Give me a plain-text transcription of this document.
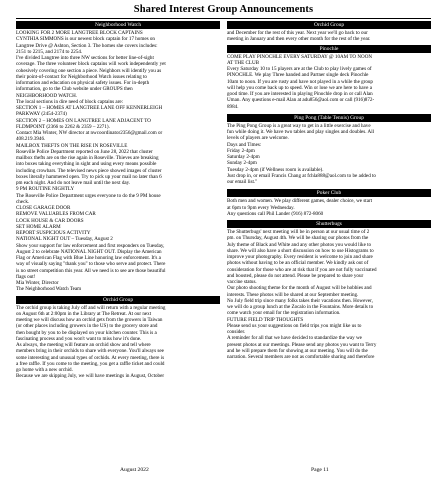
Shared Interest Group Announcements
Neighborhood Watch
LOOKING FOR 2 MORE LANGTREE BLOCK CAPTAINS
CYNTHIA SIMMONS is our newest block captain for 17 homes on
Langtree Drive @ Ashton, Section 3. The homes she covers includes:
2151 to 2215, and 2174 to 2254.
I've divided Langtree into three NW sections for better line-of-sight
coverage. The three volunteer block captains will work independently yet
cohesively covering one section a piece. Neighbors will identify you as
their point-of-contact for Neighborhood Watch issues relating to
information and education on physical safety issues. For in-depth
information, go to the Club website under GROUPS then
NEIGHBORHOOD WATCH.
The local sections in dire need of block captains are:
SECTION 1 – HOMES AT LANGTREE LANE OFF KENNERLEIGH
PARKWAY (2454-2374)
SECTION 2 – HOMES ON LANGTREE LANE ADJACENT TO
FLDMPOINT (2366 to 2262 & 2359 – 2271).
Contact Mia Winter, NW director at nwcoordinator2356@gmail.com or
408.219.3946.
MAILBOX THEFTS ON THE RISE IN ROSEVILLE
Roseville Police Department reported on June 28, 2022 that cluster
mailbox thefts are on the rise again in Roseville. Thieves are breaking
into boxes taking everything in sight and using every means possible
including crowbars. The televised news piece showed images of cluster
boxes literally hammered open. Try to pick up your mail no later than 6
pm each night. And do not leave mail until the next day.
9 PM ROUTINE NIGHTLY
The Roseville Police Department urges everyone to do the 9 PM house
check.
CLOSE GARAGE DOOR
REMOVE VALUABLES FROM CAR
LOCK HOUSE & CAR DOORS
SET HOME ALARM
REPORT SUSPICIOUS ACTIVITY
NATIONAL NIGHT OUT – Tuesday, August 2
Show your support for law enforcement and first responders on Tuesday,
August 2 to celebrate NATIONAL NIGHT OUT. Display the American
Flag or American Flag with Blue Line honoring law enforcement. It's a
way of visually saying "thank you" to those who serve and protect. There
is no street competition this year. All we need is to see are those beautiful
flags out!
Mia Winter, Director
The Neighborhood Watch Team
Orchid Group
The orchid group is taking July off and will return with a regular meeting
on August 6th at 2:00pm in the Library at The Retreat. At our next
meeting we will discuss how an orchid gets from the growers in Taiwan
(or other places including growers in the US) to the grocery store and
then bought by you to be displayed on your kitchen counter. This is a
fascinating process and you won't want to miss how it's done.
As always, the meeting will feature an orchid show and tell where
members bring in their orchids to share with everyone. You'll always see
some interesting and unusual types of orchids. At every meeting, there is
a free raffle. If you come to the meeting, you get a raffle ticket and could
go home with a new orchid.
Because we are skipping July, we will have meetings in August, October
Orchid Group
and December for the rest of this year. Next year we'll go back to our
meeting in January and then every other month for the rest of the year.
Pinochle
COME PLAY PINOCHLE EVERY SATURDAY @ 10AM TO NOON
AT THE CLUB
Every Saturday 10 to 15 players are at the Club to play lively games of
PINOCHLE. We play Three handed and Partner single deck Pinochle
10am to noon. If you are rusty and have not played in a while the group
will help you come back up to speed. Win or lose we are here to have a
good time. If you are interested in playing Pinochle drop in or call Alan
Uman. Any questions e-mail Alan at adu856@aol.com or call (916)872-
8984.
Ping Pong (Table Tennis) Group
The Ping Pong Group is a great way to get in a little exercise and have
fun while doing it. We have two tables and play singles and doubles. All
levels of players are welcome.
Days and Times:
Friday 2-4pm
Saturday 2-4pm
Sunday 2-4pm
Tuesday 2-4pm (if Wellness room is available).
Just drop in, or email Francis Chang at fchla888@aol.com to be added to
our email list."
Poker Club
Both men and women. We play different games, dealer choice, we start
at 6pm to 9pm every Wednesday.
Any questions call Phil Lander (916) 872-8060
Shutterbugs
The Shutterbugs' next meeting will be in person at our usual time of 2
pm. on Thursday, August 4th. We will be sharing our photos from the
July theme of Black and White and any other photos you would like to
share. We will also have a short discussion on how to use Histograms to
improve your photography. Every resident is welcome to join and share
photos without having to be an official member. We kindly ask out of
consideration for those who are at risk that if you are not fully vaccinated
and boosted, please do not attend. Please be prepared to share your
vaccine status.
Our photo shooting theme for the month of August will be hobbies and
interests. These photos will be shared at our September meeting.
No July field trip since many folks takes their vacations then. However,
we will do a group lunch at the Zocalo in the Fountains. More details to
come watch your email for the registration information.
FUTURE FIELD TRIP THOUGHTS
Please send us your suggestions on field trips you might like us to
consider.
A reminder for all that we have decided to standardize the way we
present photos at our meetings. Please send any photos you want to Terry
and he will prepare them for showing at our meeting. You will do the
narration. Several members are not as comfortable sharing and therefore
August 2022	Page 11
